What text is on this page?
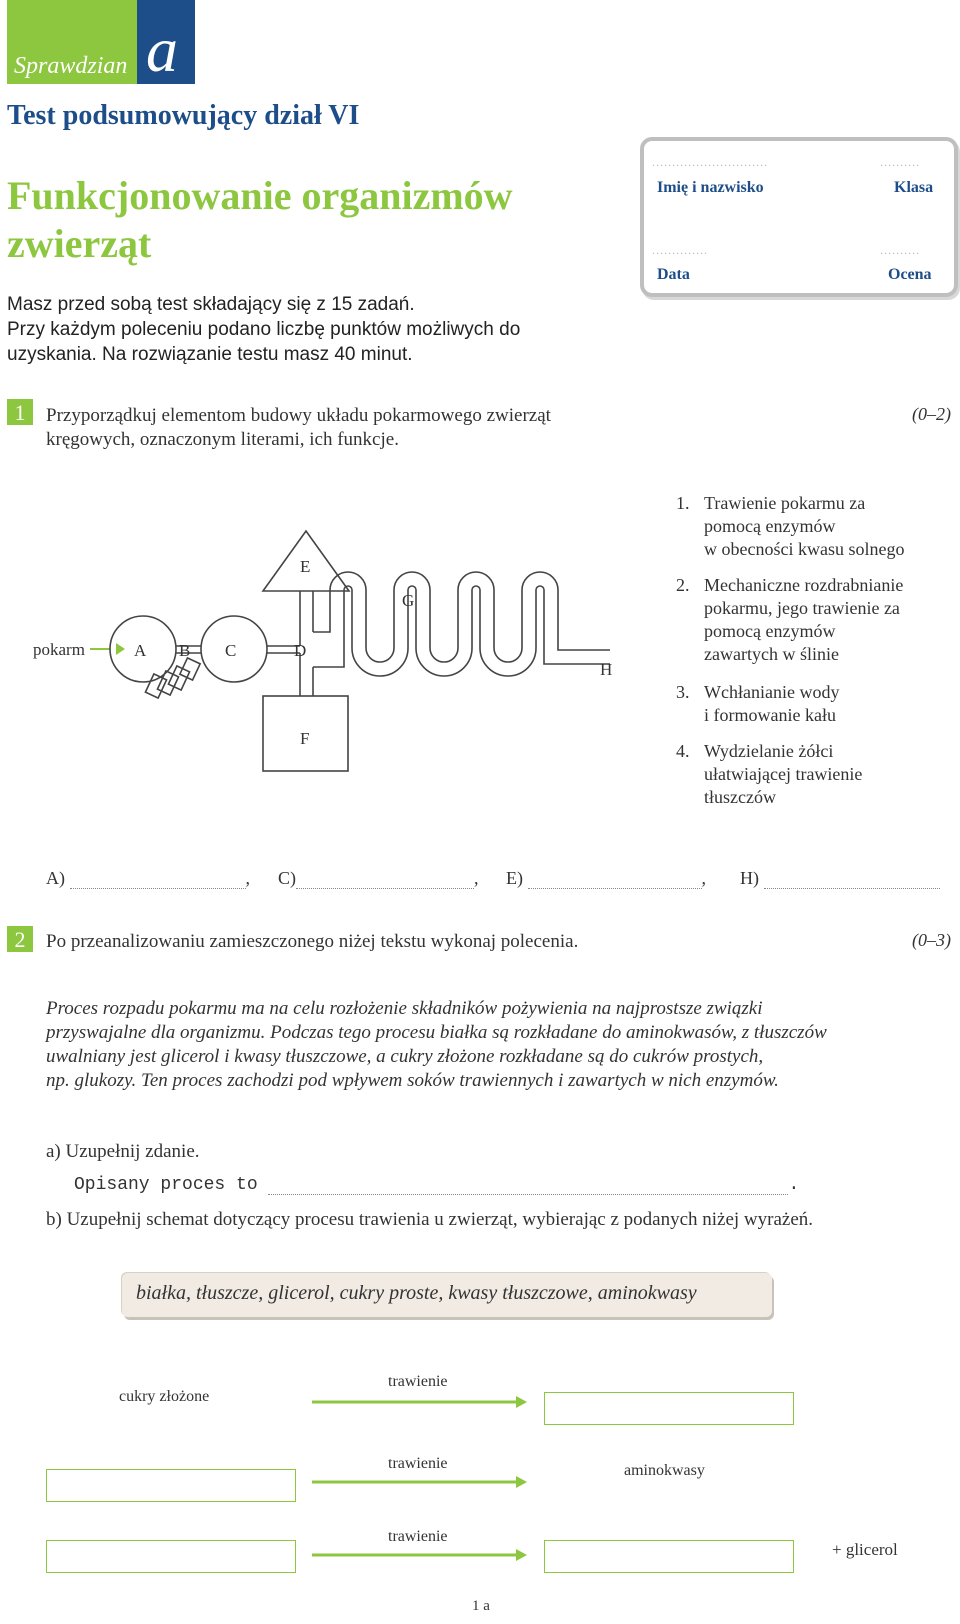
Sprawdzian a
Test podsumowujący dział VI
Funkcjonowanie organizmów zwierząt
Masz przed sobą test składający się z 15 zadań.
Przy każdym poleceniu podano liczbę punktów możliwych do
uzyskania. Na rozwiązanie testu masz 40 minut.
.............................	..........
Imię i nazwisko	Klasa
..............	..........
Data	Ocena
1	Przyporządkuj elementom budowy układu pokarmowego zwierząt
kręgowych, oznaczonym literami, ich funkcje.
(0–2)
pokarm	A B C	D
E
F
G
H
1. Trawienie pokarmu za
pomocą enzymów
w obecności kwasu solnego
2. Mechaniczne rozdrabnianie
pokarmu, jego trawienie za
pomocą enzymów
zawartych w ślinie
3. Wchłanianie wody
i formowanie kału
4. Wydzielanie żółci
ułatwiającej trawienie
tłuszczów
A)	, C)	, E)	, H)
2	Po przeanalizowaniu zamieszczonego niżej tekstu wykonaj polecenia.	(0–3)
Proces rozpadu pokarmu ma na celu rozłożenie składników pożywienia na najprostsze związki
przyswajalne dla organizmu. Podczas tego procesu białka są rozkładane do aminokwasów, z tłuszczów
uwalniany jest glicerol i kwasy tłuszczowe, a cukry złożone rozkładane są do cukrów prostych,
np. glukozy. Ten proces zachodzi pod wpływem soków trawiennych i zawartych w nich enzymów.
a) Uzupełnij zdanie.
Opisany proces to	.
b) Uzupełnij schemat dotyczący procesu trawienia u zwierząt, wybierając z podanych niżej wyrażeń.
białka, tłuszcze, glicerol, cukry proste, kwasy tłuszczowe, aminokwasy
cukry złożone
trawienie
trawienie
trawienie
aminokwasy
+ glicerol
1 a
